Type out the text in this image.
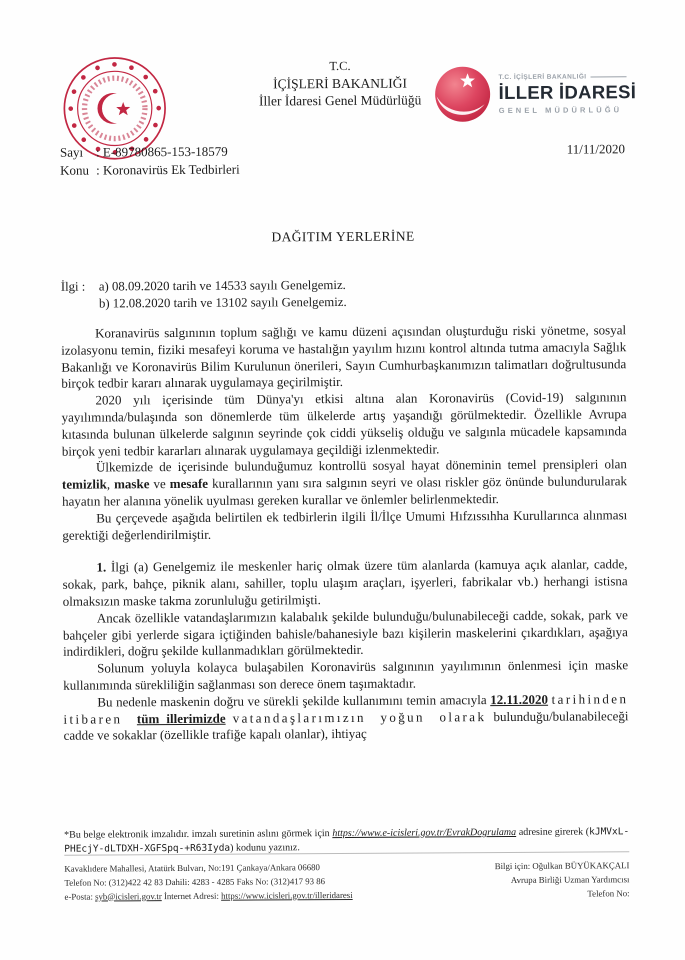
T.C.
İÇİŞLERİ BAKANLIĞI
İller İdaresi Genel Müdürlüğü
T.C. İÇİŞLERİ BAKANLIĞI
İLLER İDARESİ
GENEL MÜDÜRLÜĞÜ
Sayı : E-89780865-153-18579
Konu : Koronavirüs Ek Tedbirleri
11/11/2020
DAĞITIM YERLERİNE
İlgi :	a) 08.09.2020 tarih ve 14533 sayılı Genelgemiz.
b) 12.08.2020 tarih ve 13102 sayılı Genelgemiz.

Koranavirüs salgınının toplum sağlığı ve kamu düzeni açısından oluşturduğu riski yönetme, sosyal izolasyonu temin, fiziki mesafeyi koruma ve hastalığın yayılım hızını kontrol altında tutma amacıyla Sağlık Bakanlığı ve Koronavirüs Bilim Kurulunun önerileri, Sayın Cumhurbaşkanımızın talimatları doğrultusunda birçok tedbir kararı alınarak uygulamaya geçirilmiştir.

2020 yılı içerisinde tüm Dünya'yı etkisi altına alan Koronavirüs (Covid-19) salgınının yayılımında/bulaşında son dönemlerde tüm ülkelerde artış yaşandığı görülmektedir. Özellikle Avrupa kıtasında bulunan ülkelerde salgının seyrinde çok ciddi yükseliş olduğu ve salgınla mücadele kapsamında birçok yeni tedbir kararları alınarak uygulamaya geçildiği izlenmektedir.

Ülkemizde de içerisinde bulunduğumuz kontrollü sosyal hayat döneminin temel prensipleri olan temizlik, maske ve mesafe kurallarının yanı sıra salgının seyri ve olası riskler göz önünde bulundurularak hayatın her alanına yönelik uyulması gereken kurallar ve önlemler belirlenmektedir.

Bu çerçevede aşağıda belirtilen ek tedbirlerin ilgili İl/İlçe Umumi Hıfzıssıhha Kurullarınca alınması gerektiği değerlendirilmiştir.

1. İlgi (a) Genelgemiz ile meskenler hariç olmak üzere tüm alanlarda (kamuya açık alanlar, cadde, sokak, park, bahçe, piknik alanı, sahiller, toplu ulaşım araçları, işyerleri, fabrikalar vb.) herhangi istisna olmaksızın maske takma zorunluluğu getirilmişti.

Ancak özellikle vatandaşlarımızın kalabalık şekilde bulunduğu/bulunabileceği cadde, sokak, park ve bahçeler gibi yerlerde sigara içtiğinden bahisle/bahanesiyle bazı kişilerin maskelerini çıkardıkları, aşağıya indirdikleri, doğru şekilde kullanmadıkları görülmektedir.

Solunum yoluyla kolayca bulaşabilen Koronavirüs salgınının yayılımının önlenmesi için maske kullanımında sürekliliğin sağlanması son derece önem taşımaktadır.

Bu nedenle maskenin doğru ve sürekli şekilde kullanımını temin amacıyla 12.11.2020 tarihinden itibaren tüm illerimizde vatandaşlarımızın yoğun olarak bulunduğu/bulanabileceği cadde ve sokaklar (özellikle trafiğe kapalı olanlar), ihtiyaç

*Bu belge elektronik imzalıdır. imzalı suretinin aslını görmek için https://www.e-icisleri.gov.tr/EvrakDogrulama adresine girerek (kJMVxL-PHEcjY-dLTDXH-XGFSpq-+R63Iyda) kodunu yazınız.

Kavaklıdere Mahallesi, Atatürk Bulvarı, No:191 Çankaya/Ankara 06680
Telefon No: (312)422 42 83 Dahili: 4283 - 4285 Faks No: (312)417 93 86
e-Posta: syb@icisleri.gov.tr İnternet Adresi: https://www.icisleri.gov.tr/illeridaresi
Bilgi için: Oğulkan BÜYÜKAKÇALI
Avrupa Birliği Uzman Yardımcısı
Telefon No:
